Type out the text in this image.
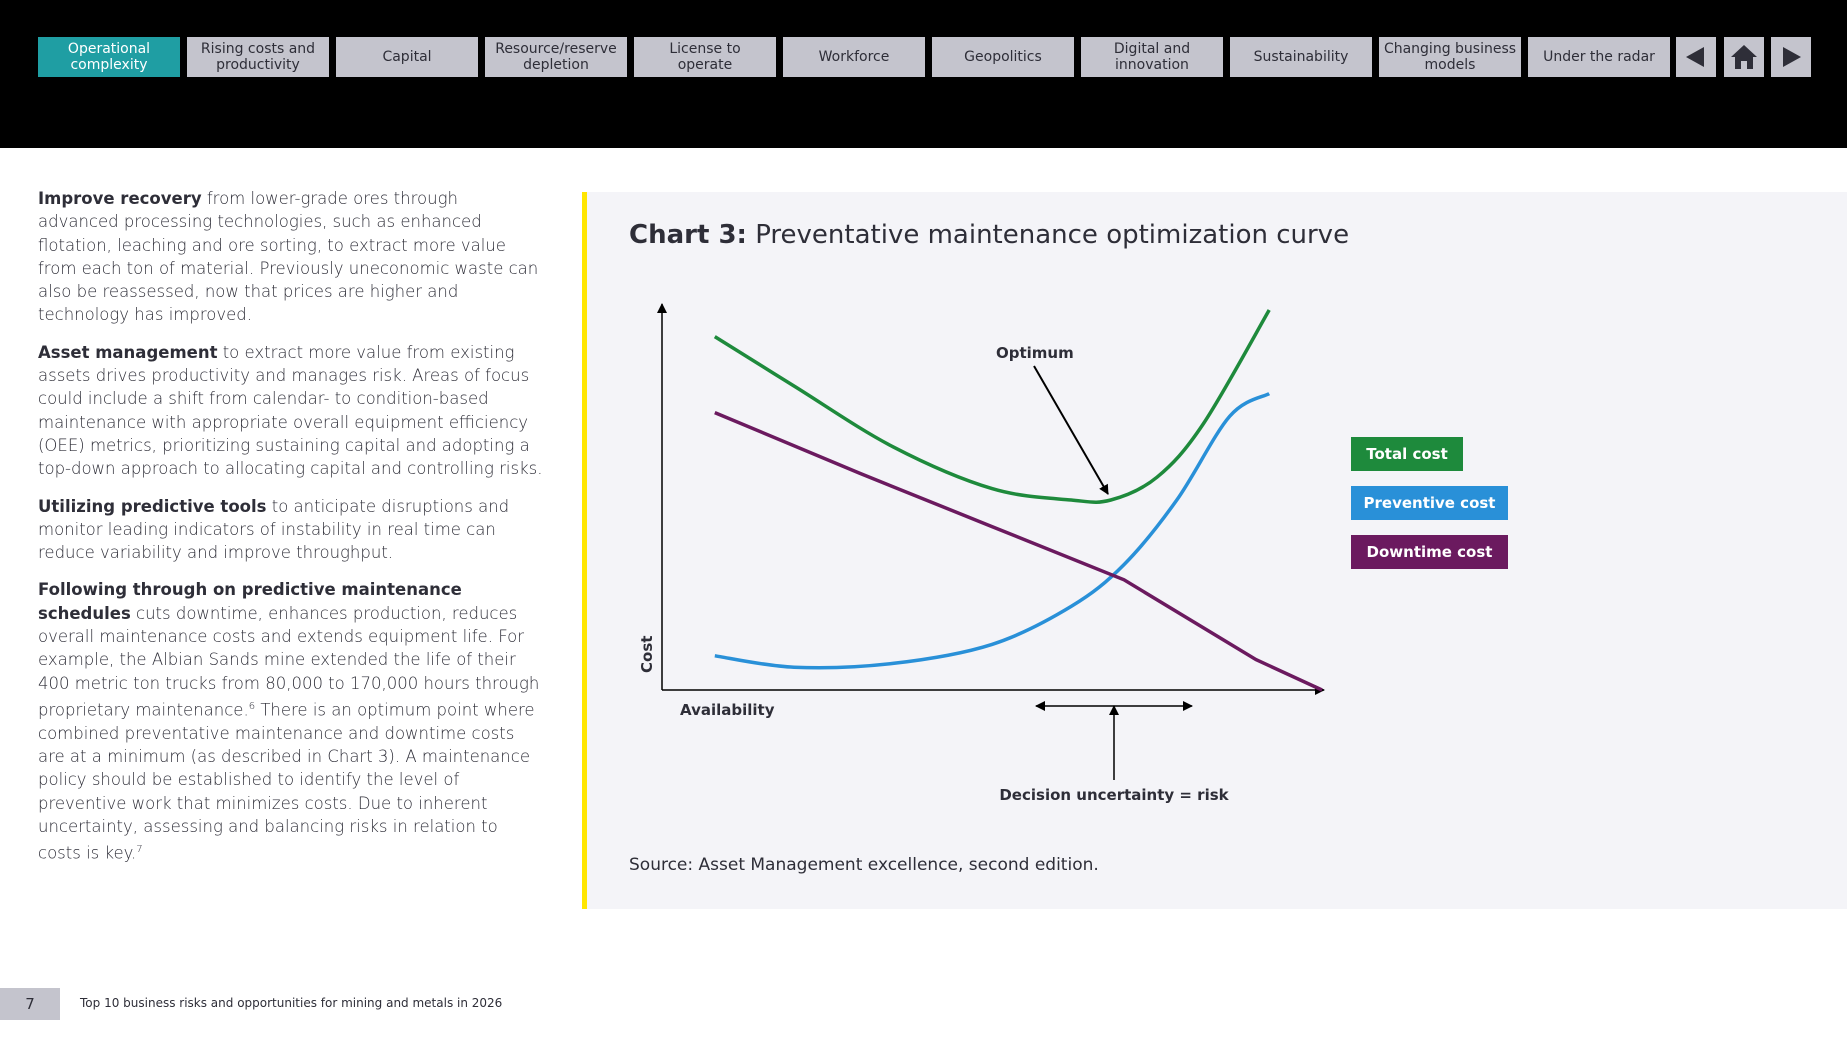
Operational
complexity
Rising costs and
productivity	Capital	Resource/reserve
depletion
License to
operate	Workforce	Geopolitics	Digital and
innovation	Sustainability	Changing business
models	Under the radar

Improve recovery from lower-grade ores through advanced processing technologies, such as enhanced flotation, leaching and ore sorting, to extract more value from each ton of material. Previously uneconomic waste can also be reassessed, now that prices are higher and technology has improved.

Asset management to extract more value from existing assets drives productivity and manages risk. Areas of focus could include a shift from calendar- to condition-based maintenance with appropriate overall equipment efficiency (OEE) metrics, prioritizing sustaining capital and adopting a top-down approach to allocating capital and controlling risks.

Utilizing predictive tools to anticipate disruptions and monitor leading indicators of instability in real time can reduce variability and improve throughput.

Following through on predictive maintenance schedules cuts downtime, enhances production, reduces overall maintenance costs and extends equipment life. For example, the Albian Sands mine extended the life of their 400 metric ton trucks from 80,000 to 170,000 hours through proprietary maintenance.$^6$ There is an optimum point where combined preventative maintenance and downtime costs are at a minimum (as described in Chart 3). A maintenance policy should be established to identify the level of preventive work that minimizes costs. Due to inherent uncertainty, assessing and balancing risks in relation to costs is key.$^7$

Chart 3: Preventative maintenance optimization curve
Availability
Cost
Optimum
Decision uncertainty = risk
Total cost
Preventive cost
Downtime cost
Source: Asset Management excellence, second edition.
7	Top 10 business risks and opportunities for mining and metals in 2026
